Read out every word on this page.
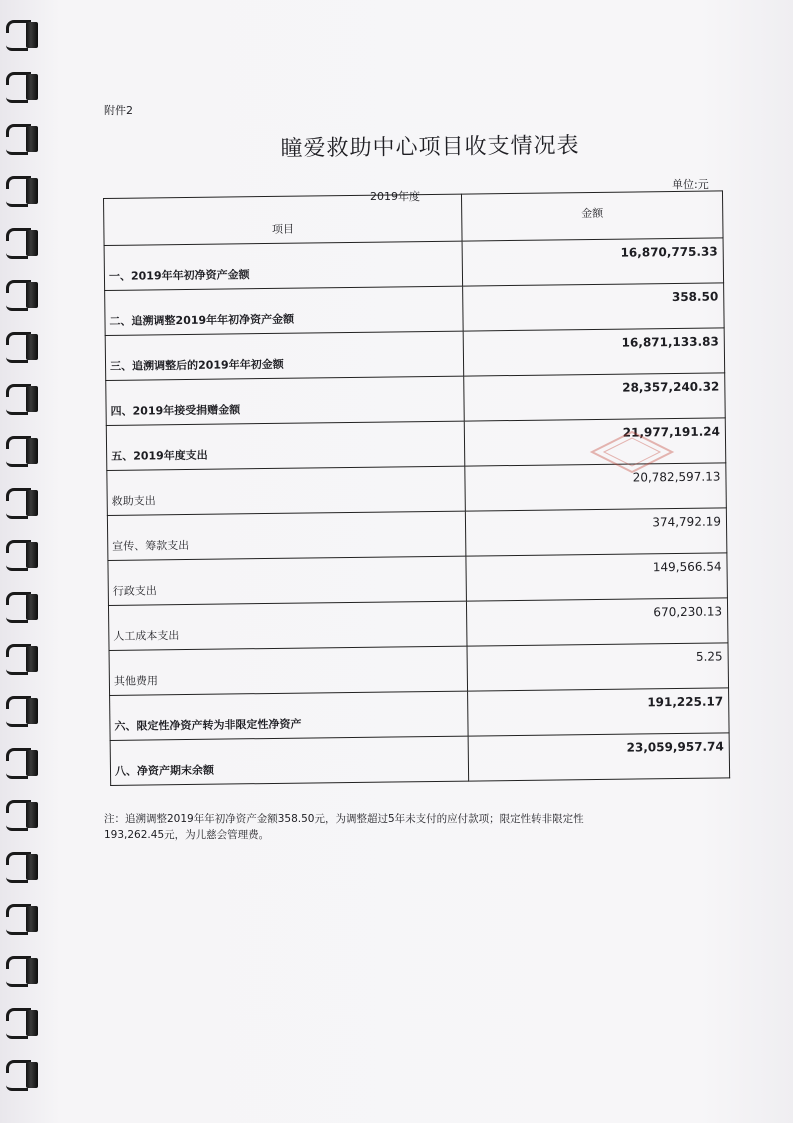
附件2
瞳爱救助中心项目收支情况表
2019年度
单位:元
项目	金额

一、2019年年初净资产金额	16,870,775.33

二、追溯调整2019年年初净资产金额	358.50

三、追溯调整后的2019年年初金额	16,871,133.83

四、2019年接受捐赠金额	28,357,240.32

五、2019年度支出	21,977,191.24

救助支出	20,782,597.13

宣传、筹款支出	374,792.19

行政支出	149,566.54

人工成本支出	670,230.13

其他费用	5.25

六、限定性净资产转为非限定性净资产	191,225.17

八、净资产期末余额	23,059,957.74
注：追溯调整2019年年初净资产金额358.50元，为调整超过5年未支付的应付款项；限定性转非限定性
193,262.45元，为儿慈会管理费。
